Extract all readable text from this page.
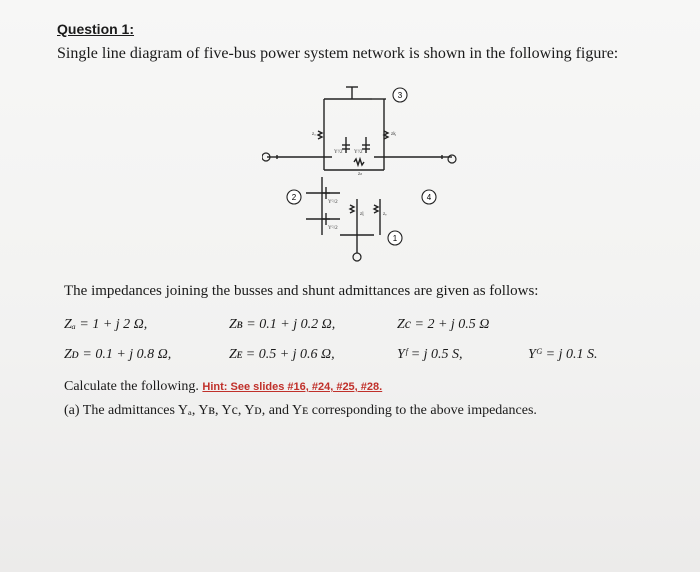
Question 1:
Single line diagram of five-bus power system network is shown in the following figure:
3
2	4
1
zₐ	zᶄ
zₙ
zᶅ	zₑ
Yᶠ/2 Yᶠ/2
Yᴳ/2
Yᴳ/2
The impedances joining the busses and shunt admittances are given as follows:
Zₐ = 1 + j 2 Ω,	Zʙ = 0.1 + j 0.2 Ω,	Zc = 2 + j 0.5 Ω
Zᴅ = 0.1 + j 0.8 Ω,	Zᴇ = 0.5 + j 0.6 Ω,	Yᶠ = j 0.5 S,	Yᴳ = j 0.1 S.
Calculate the following. Hint: See slides #16, #24, #25, #28.
(a) The admittances Yₐ, Yʙ, Yc, Yᴅ, and Yᴇ corresponding to the above impedances.
